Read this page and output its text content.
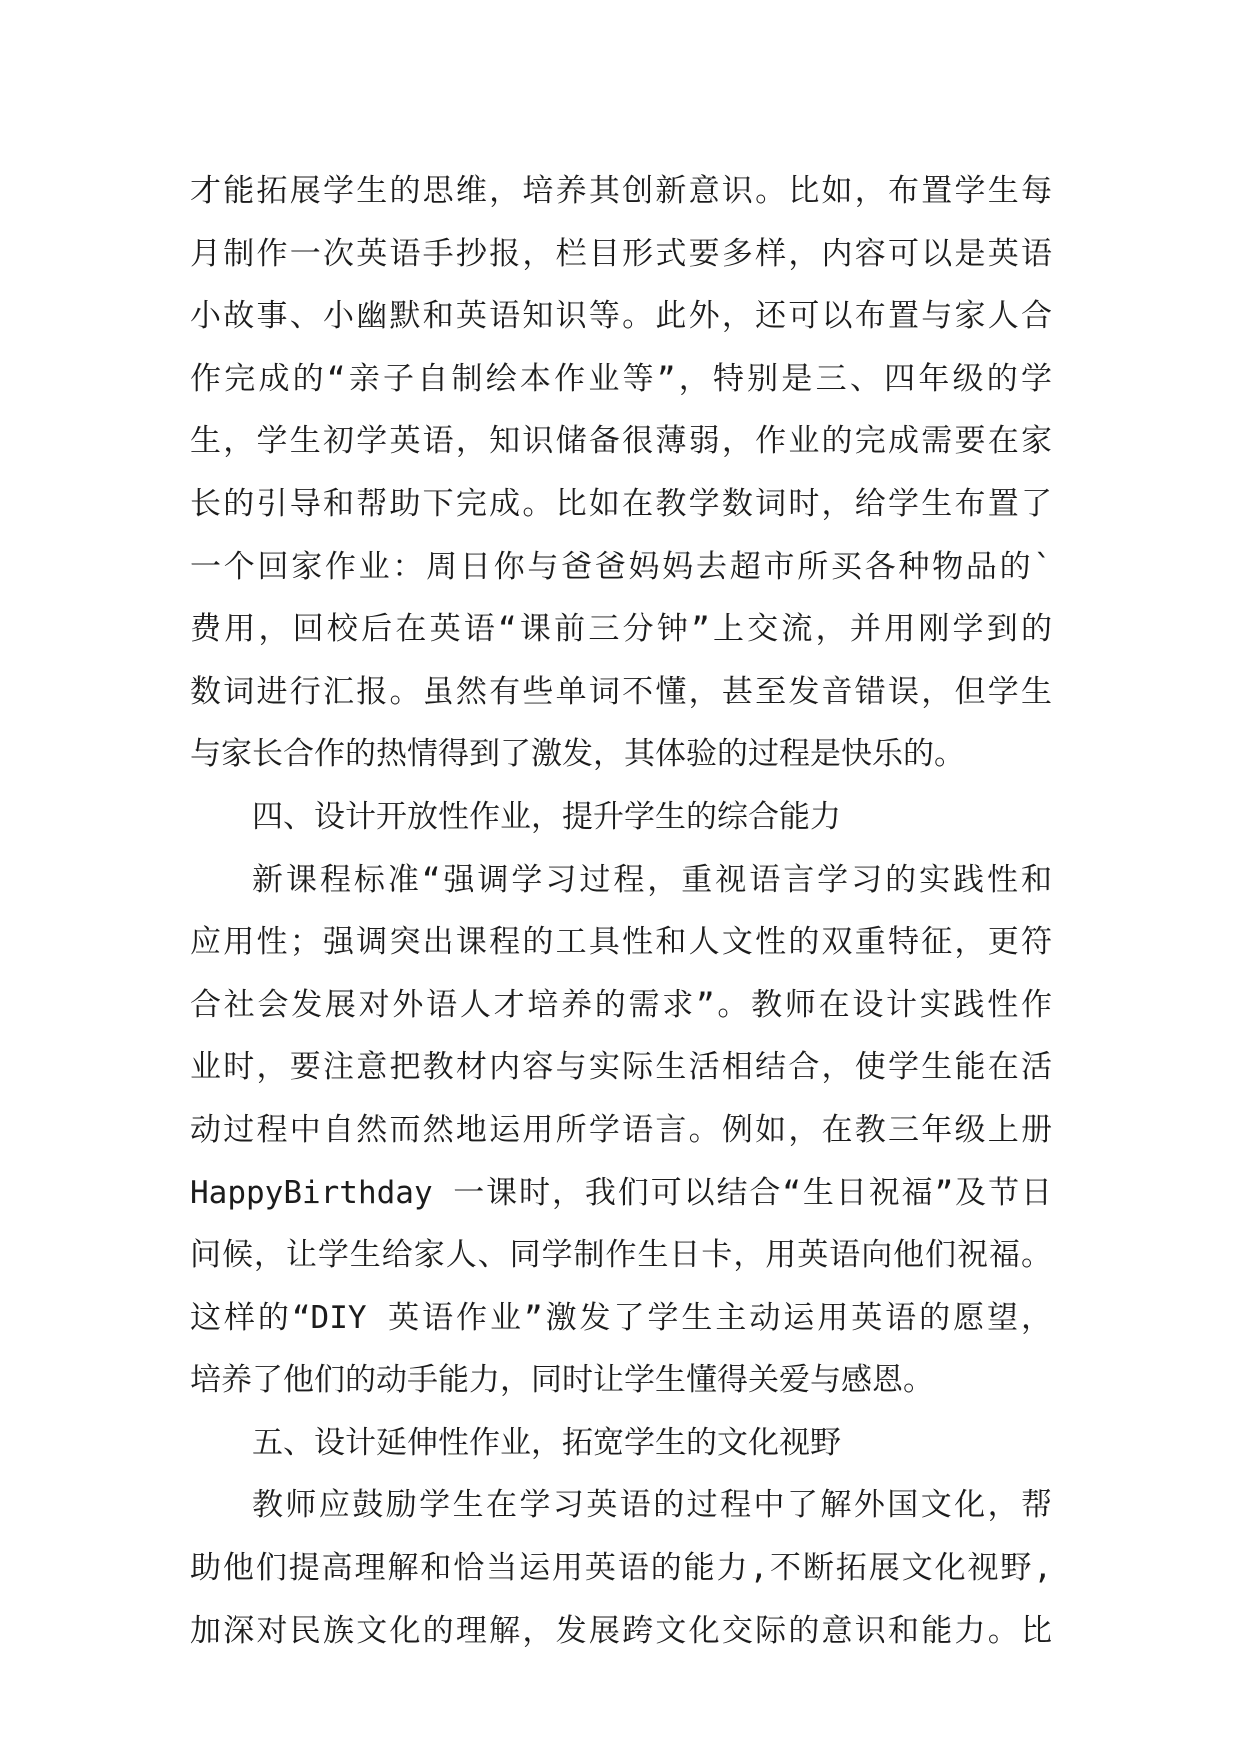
才能拓展学生的思维，培养其创新意识。比如，布置学生每
月制作一次英语手抄报，栏目形式要多样，内容可以是英语
小故事、小幽默和英语知识等。此外，还可以布置与家人合
作完成的“亲子自制绘本作业等”，特别是三、四年级的学
生，学生初学英语，知识储备很薄弱，作业的完成需要在家
长的引导和帮助下完成。比如在教学数词时，给学生布置了
一个回家作业：周日你与爸爸妈妈去超市所买各种物品的`
费用，回校后在英语“课前三分钟”上交流，并用刚学到的
数词进行汇报。虽然有些单词不懂，甚至发音错误，但学生
与家长合作的热情得到了激发，其体验的过程是快乐的。
四、设计开放性作业，提升学生的综合能力
新课程标准“强调学习过程，重视语言学习的实践性和
应用性；强调突出课程的工具性和人文性的双重特征，更符
合社会发展对外语人才培养的需求”。教师在设计实践性作
业时，要注意把教材内容与实际生活相结合，使学生能在活
动过程中自然而然地运用所学语言。例如，在教三年级上册
HappyBirthday 一课时，我们可以结合“生日祝福”及节日
问候，让学生给家人、同学制作生日卡，用英语向他们祝福。
这样的“DIY 英语作业”激发了学生主动运用英语的愿望，
培养了他们的动手能力，同时让学生懂得关爱与感恩。
五、设计延伸性作业，拓宽学生的文化视野
教师应鼓励学生在学习英语的过程中了解外国文化，帮
助他们提高理解和恰当运用英语的能力,不断拓展文化视野,
加深对民族文化的理解，发展跨文化交际的意识和能力。比
